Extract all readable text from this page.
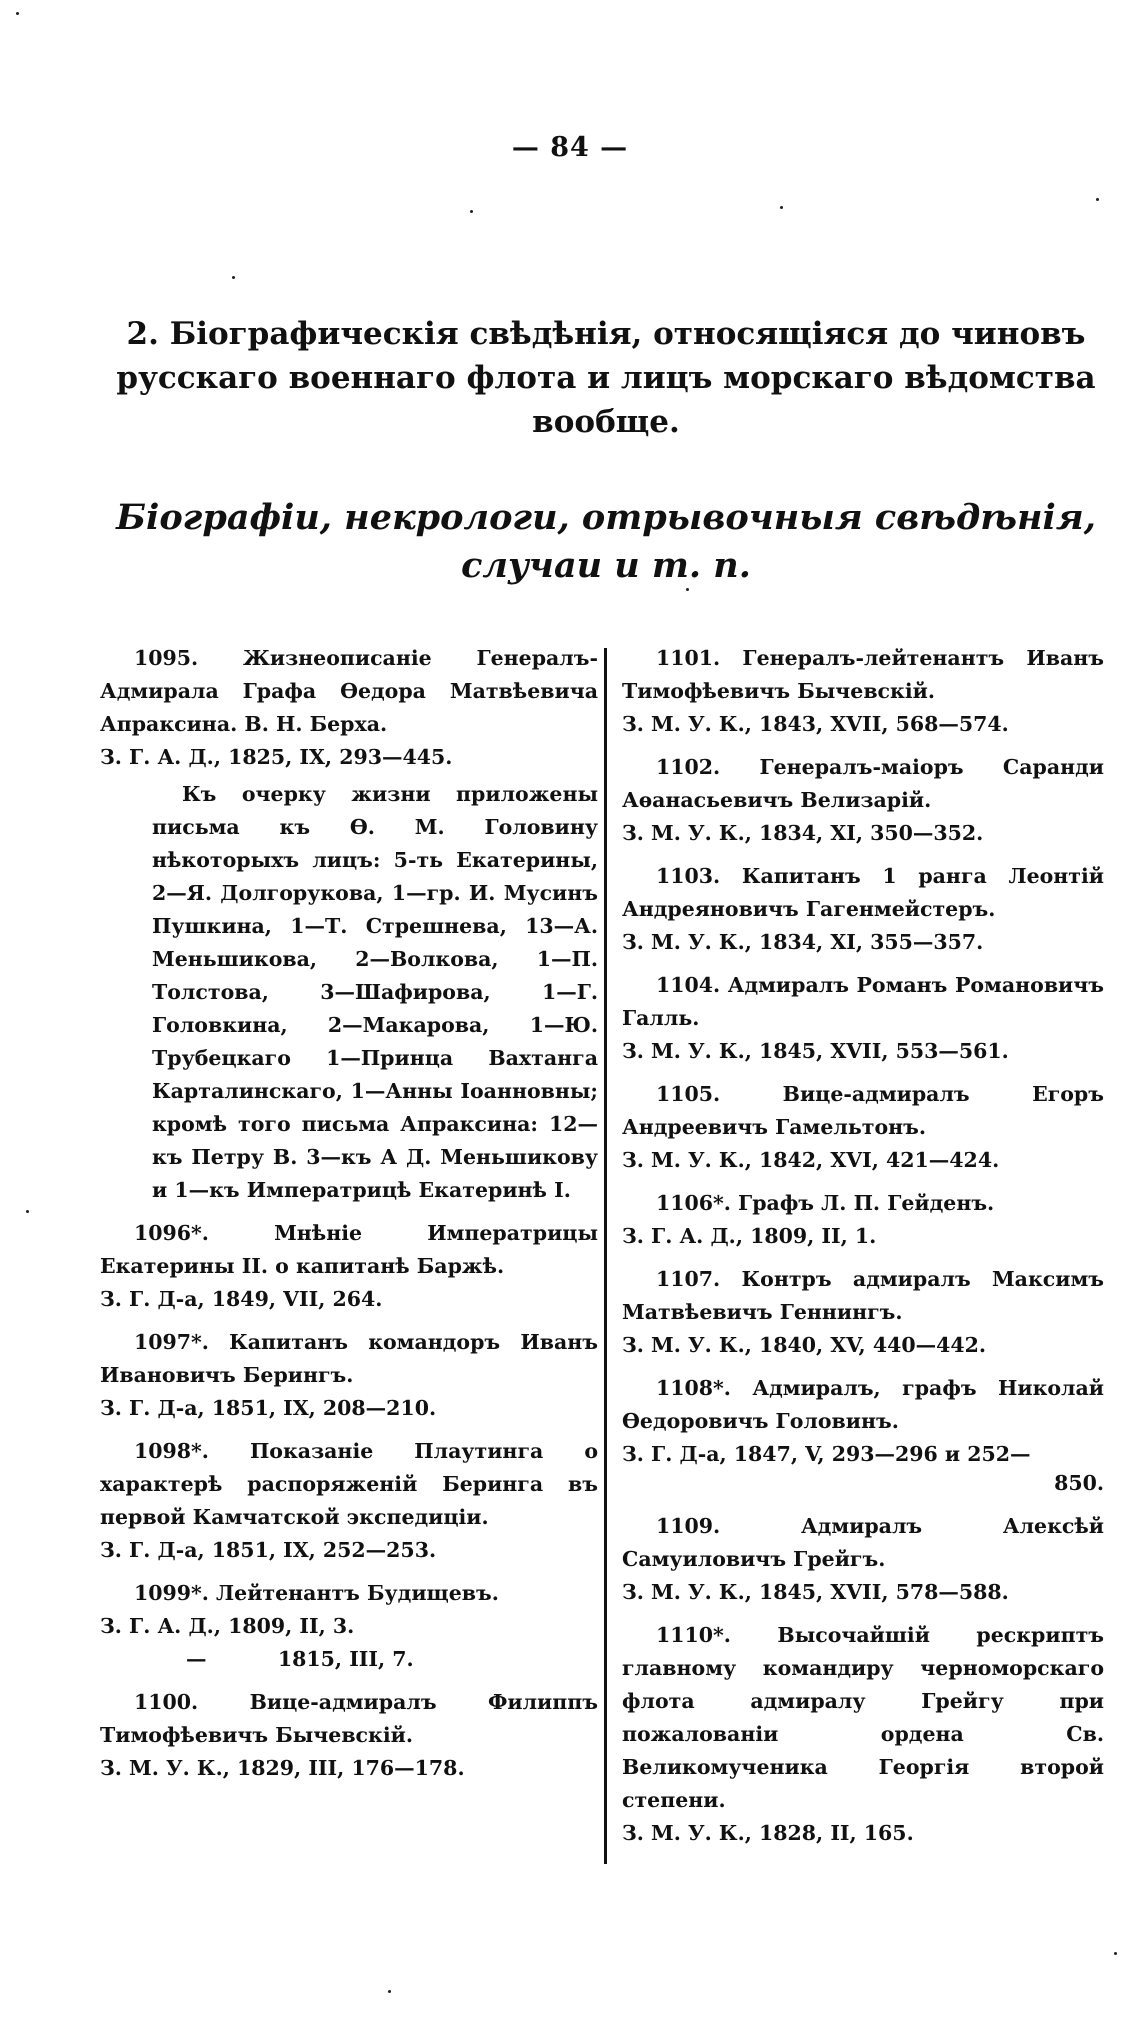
— 84 —
2. Біографическія свѣдѣнія, относящіяся до чиновъ русскаго военнаго флота и лицъ морскаго вѣдомства вообще.
Біографіи, некрологи, отрывочныя свѣдѣнія, случаи и т. п.

1095. Жизнеописаніе Генералъ-Адмирала Графа Ѳедора Матвѣевича Апраксина. В. Н. Берха.

З. Г. А. Д., 1825, IX, 293—445.

Къ очерку жизни приложены письма къ Ѳ. М. Головину нѣкоторыхъ лицъ: 5-ть Екатерины, 2—Я. Долгорукова, 1—гр. И. Мусинъ Пушкина, 1—Т. Стрешнева, 13—А. Меньшикова, 2—Волкова, 1—П. Толстова, 3—Шафирова, 1—Г. Головкина, 2—Макарова, 1—Ю. Трубецкаго 1—Принца Вахтанга Карталинскаго, 1—Анны Іоанновны; кромѣ того письма Апраксина: 12—къ Петру В. 3—къ А Д. Меньшикову и 1—къ Императрицѣ Екатеринѣ I.

1096*. Мнѣніе Императрицы Екатерины II. о капитанѣ Баржѣ.

З. Г. Д-а, 1849, VII, 264.

1097*. Капитанъ командоръ Иванъ Ивановичъ Берингъ.

З. Г. Д-а, 1851, IX, 208—210.

1098*. Показаніе Плаутинга о характерѣ распоряженій Беринга въ первой Камчатской экспедиціи.

З. Г. Д-а, 1851, IX, 252—253.

1099*. Лейтенантъ Будищевъ.

З. Г. А. Д., 1809, II, 3.

—          1815, III, 7.

1100. Вице-адмиралъ Филиппъ Тимофѣевичъ Бычевскій.

З. М. У. К., 1829, III, 176—178.

1101. Генералъ-лейтенантъ Иванъ Тимофѣевичъ Бычевскій.

З. М. У. К., 1843, XVII, 568—574.

1102. Генералъ-маіоръ Саранди Аѳанасьевичъ Велизарій.

З. М. У. К., 1834, XI, 350—352.

1103. Капитанъ 1 ранга Леонтій Андреяновичъ Гагенмейстеръ.

З. М. У. К., 1834, XI, 355—357.

1104. Адмиралъ Романъ Романовичъ Галль.

З. М. У. К., 1845, XVII, 553—561.

1105. Вице-адмиралъ Егоръ Андреевичъ Гамельтонъ.

З. М. У. К., 1842, XVI, 421—424.

1106*. Графъ Л. П. Гейденъ.

З. Г. А. Д., 1809, II, 1.

1107. Контръ адмиралъ Максимъ Матвѣевичъ Геннингъ.

З. М. У. К., 1840, XV, 440—442.

1108*. Адмиралъ, графъ Николай Ѳедоровичъ Головинъ.

З. Г. Д-а, 1847, V, 293—296 и 252—

850.

1109. Адмиралъ Алексѣй Самуиловичъ Грейгъ.

З. М. У. К., 1845, XVII, 578—588.

1110*. Высочайшій рескриптъ главному командиру черноморскаго флота адмиралу Грейгу при пожалованіи ордена Св. Великомученика Георгія второй степени.

З. М. У. К., 1828, II, 165.
